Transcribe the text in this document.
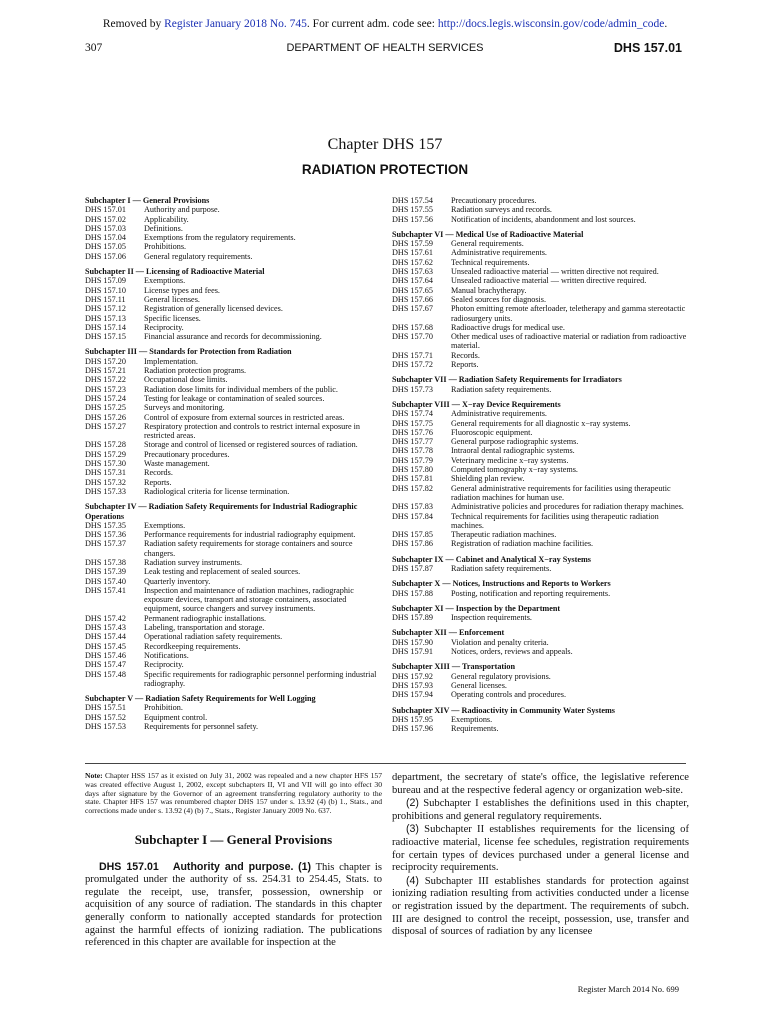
Removed by Register January 2018 No. 745. For current adm. code see: http://docs.legis.wisconsin.gov/code/admin_code.
307	DEPARTMENT OF HEALTH SERVICES	DHS 157.01
Chapter DHS 157
RADIATION PROTECTION
Subchapter I — General Provisions
DHS 157.01	Authority and purpose.
DHS 157.02	Applicability.
DHS 157.03	Definitions.
DHS 157.04	Exemptions from the regulatory requirements.
DHS 157.05	Prohibitions.
DHS 157.06	General regulatory requirements.
Subchapter II — Licensing of Radioactive Material
DHS 157.09	Exemptions.
DHS 157.10	License types and fees.
DHS 157.11	General licenses.
DHS 157.12	Registration of generally licensed devices.
DHS 157.13	Specific licenses.
DHS 157.14	Reciprocity.
DHS 157.15	Financial assurance and records for decommissioning.
Subchapter III — Standards for Protection from Radiation
DHS 157.20	Implementation.
DHS 157.21	Radiation protection programs.
DHS 157.22	Occupational dose limits.
DHS 157.23	Radiation dose limits for individual members of the public.
DHS 157.24	Testing for leakage or contamination of sealed sources.
DHS 157.25	Surveys and monitoring.
DHS 157.26	Control of exposure from external sources in restricted areas.
DHS 157.27	Respiratory protection and controls to restrict internal exposure in restricted areas.
DHS 157.28	Storage and control of licensed or registered sources of radiation.
DHS 157.29	Precautionary procedures.
DHS 157.30	Waste management.
DHS 157.31	Records.
DHS 157.32	Reports.
DHS 157.33	Radiological criteria for license termination.
Subchapter IV — Radiation Safety Requirements for Industrial Radiographic Operations
DHS 157.35	Exemptions.
DHS 157.36	Performance requirements for industrial radiography equipment.
DHS 157.37	Radiation safety requirements for storage containers and source changers.
DHS 157.38	Radiation survey instruments.
DHS 157.39	Leak testing and replacement of sealed sources.
DHS 157.40	Quarterly inventory.
DHS 157.41	Inspection and maintenance of radiation machines, radiographic exposure devices, transport and storage containers, associated equipment, source changers and survey instruments.
DHS 157.42	Permanent radiographic installations.
DHS 157.43	Labeling, transportation and storage.
DHS 157.44	Operational radiation safety requirements.
DHS 157.45	Recordkeeping requirements.
DHS 157.46	Notifications.
DHS 157.47	Reciprocity.
DHS 157.48	Specific requirements for radiographic personnel performing industrial radiography.
Subchapter V — Radiation Safety Requirements for Well Logging
DHS 157.51	Prohibition.
DHS 157.52	Equipment control.
DHS 157.53	Requirements for personnel safety.
DHS 157.54	Precautionary procedures.
DHS 157.55	Radiation surveys and records.
DHS 157.56	Notification of incidents, abandonment and lost sources.
Subchapter VI — Medical Use of Radioactive Material
DHS 157.59	General requirements.
DHS 157.61	Administrative requirements.
DHS 157.62	Technical requirements.
DHS 157.63	Unsealed radioactive material — written directive not required.
DHS 157.64	Unsealed radioactive material — written directive required.
DHS 157.65	Manual brachytherapy.
DHS 157.66	Sealed sources for diagnosis.
DHS 157.67	Photon emitting remote afterloader, teletherapy and gamma stereotactic radiosurgery units.
DHS 157.68	Radioactive drugs for medical use.
DHS 157.70	Other medical uses of radioactive material or radiation from radioactive material.
DHS 157.71	Records.
DHS 157.72	Reports.
Subchapter VII — Radiation Safety Requirements for Irradiators
DHS 157.73	Radiation safety requirements.
Subchapter VIII — X−ray Device Requirements
DHS 157.74	Administrative requirements.
DHS 157.75	General requirements for all diagnostic x−ray systems.
DHS 157.76	Fluoroscopic equipment.
DHS 157.77	General purpose radiographic systems.
DHS 157.78	Intraoral dental radiographic systems.
DHS 157.79	Veterinary medicine x−ray systems.
DHS 157.80	Computed tomography x−ray systems.
DHS 157.81	Shielding plan review.
DHS 157.82	General administrative requirements for facilities using therapeutic radiation machines for human use.
DHS 157.83	Administrative policies and procedures for radiation therapy machines.
DHS 157.84	Technical requirements for facilities using therapeutic radiation machines.
DHS 157.85	Therapeutic radiation machines.
DHS 157.86	Registration of radiation machine facilities.
Subchapter IX — Cabinet and Analytical X−ray Systems
DHS 157.87	Radiation safety requirements.
Subchapter X — Notices, Instructions and Reports to Workers
DHS 157.88	Posting, notification and reporting requirements.
Subchapter XI — Inspection by the Department
DHS 157.89	Inspection requirements.
Subchapter XII — Enforcement
DHS 157.90	Violation and penalty criteria.
DHS 157.91	Notices, orders, reviews and appeals.
Subchapter XIII — Transportation
DHS 157.92	General regulatory provisions.
DHS 157.93	General licenses.
DHS 157.94	Operating controls and procedures.
Subchapter XIV — Radioactivity in Community Water Systems
DHS 157.95	Exemptions.
DHS 157.96	Requirements.
Note: Chapter HSS 157 as it existed on July 31, 2002 was repealed and a new chapter HFS 157 was created effective August 1, 2002, except subchapters II, VI and VII will go into effect 30 days after signature by the Governor of an agreement transferring regulatory authority to the state. Chapter HFS 157 was renumbered chapter DHS 157 under s. 13.92 (4) (b) 1., Stats., and corrections made under s. 13.92 (4) (b) 7., Stats., Register January 2009 No. 637.
Subchapter I — General Provisions

DHS 157.01 Authority and purpose. (1) This chapter is promulgated under the authority of ss. 254.31 to 254.45, Stats. to regulate the receipt, use, transfer, possession, ownership or acquisition of any source of radiation. The standards in this chapter generally conform to nationally accepted standards for protection against the harmful effects of ionizing radiation. The publications referenced in this chapter are available for inspection at the

department, the secretary of state's office, the legislative reference bureau and at the respective federal agency or organization web-site.

(2) Subchapter I establishes the definitions used in this chapter, prohibitions and general regulatory requirements.

(3) Subchapter II establishes requirements for the licensing of radioactive material, license fee schedules, registration requirements for certain types of devices purchased under a general license and reciprocity requirements.

(4) Subchapter III establishes standards for protection against ionizing radiation resulting from activities conducted under a license or registration issued by the department. The requirements of subch. III are designed to control the receipt, possession, use, transfer and disposal of sources of radiation by any licensee

Register March 2014 No. 699
